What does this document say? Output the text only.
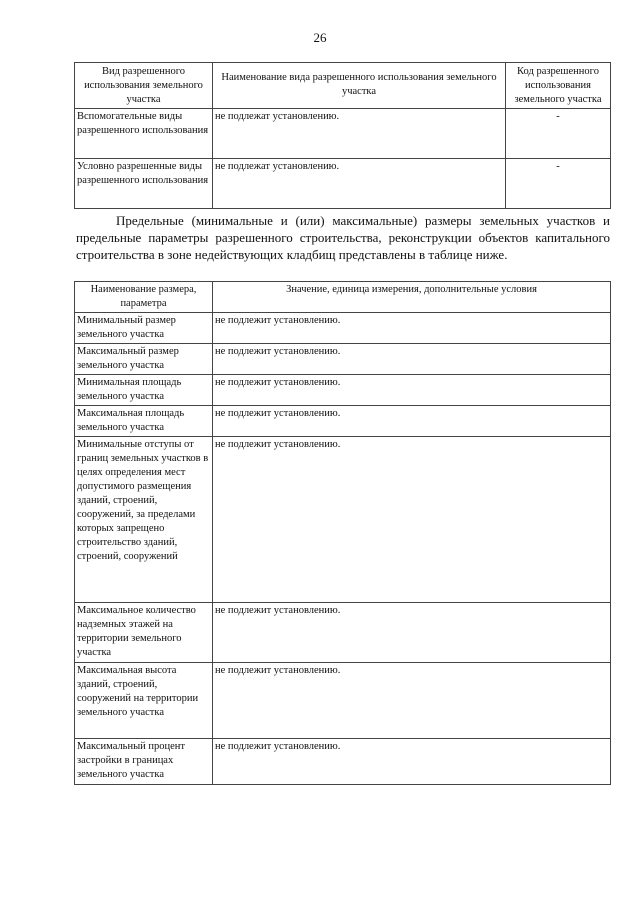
26
Вид разрешенного использования земельного участка	Наименование вида разрешенного использования земельного участка	Код разрешенного использования земельного участка
Вспомогательные виды разрешенного использования	не подлежат установлению.	-
Условно разрешенные виды разрешенного использования	не подлежат установлению.	-
Предельные (минимальные и (или) максимальные) размеры земельных участков и предельные параметры разрешенного строительства, реконструкции объектов капитального строительства в зоне недействующих кладбищ представлены в таблице ниже.
Наименование размера, параметра	Значение, единица измерения, дополнительные условия
Минимальный размер земельного участка	не подлежит установлению.
Максимальный размер земельного участка	не подлежит установлению.
Минимальная площадь земельного участка	не подлежит установлению.
Максимальная площадь земельного участка	не подлежит установлению.
Минимальные отступы от границ земельных участков в целях определения мест допустимого размещения зданий, строений, сооружений, за пределами которых запрещено строительство зданий, строений, сооружений	не подлежит установлению.
Максимальное количество надземных этажей на территории земельного участка	не подлежит установлению.
Максимальная высота зданий, строений, сооружений на территории земельного участка	не подлежит установлению.
Максимальный процент застройки в границах земельного участка	не подлежит установлению.
